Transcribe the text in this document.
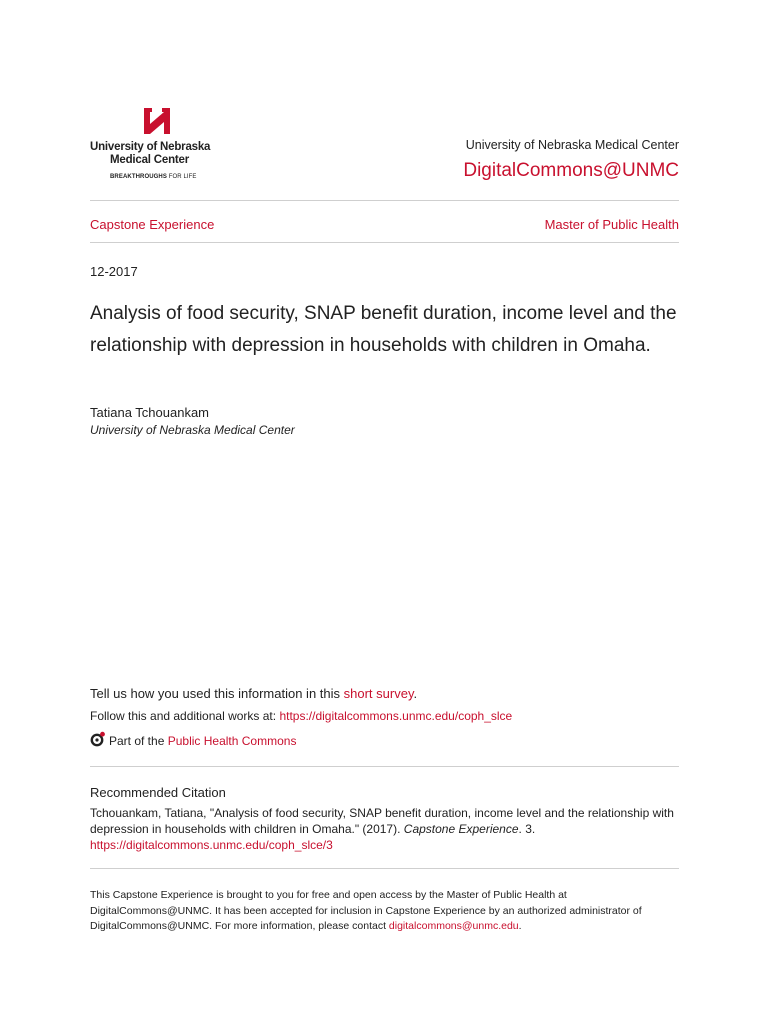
University of Nebraska
Medical Center
BREAKTHROUGHS FOR LIFE
University of Nebraska Medical Center
DigitalCommons@UNMC
Capstone Experience	Master of Public Health
12-2017
Analysis of food security, SNAP benefit duration, income level and the relationship with depression in households with children in Omaha.
Tatiana Tchouankam
University of Nebraska Medical Center
Tell us how you used this information in this short survey.
Follow this and additional works at: https://digitalcommons.unmc.edu/coph_slce
Part of the
Public Health Commons
Recommended Citation
Tchouankam, Tatiana, "Analysis of food security, SNAP benefit duration, income level and the relationship with depression in households with children in Omaha." (2017). Capstone Experience. 3.
https://digitalcommons.unmc.edu/coph_slce/3
This Capstone Experience is brought to you for free and open access by the Master of Public Health at DigitalCommons@UNMC. It has been accepted for inclusion in Capstone Experience by an authorized administrator of DigitalCommons@UNMC. For more information, please contact digitalcommons@unmc.edu.
